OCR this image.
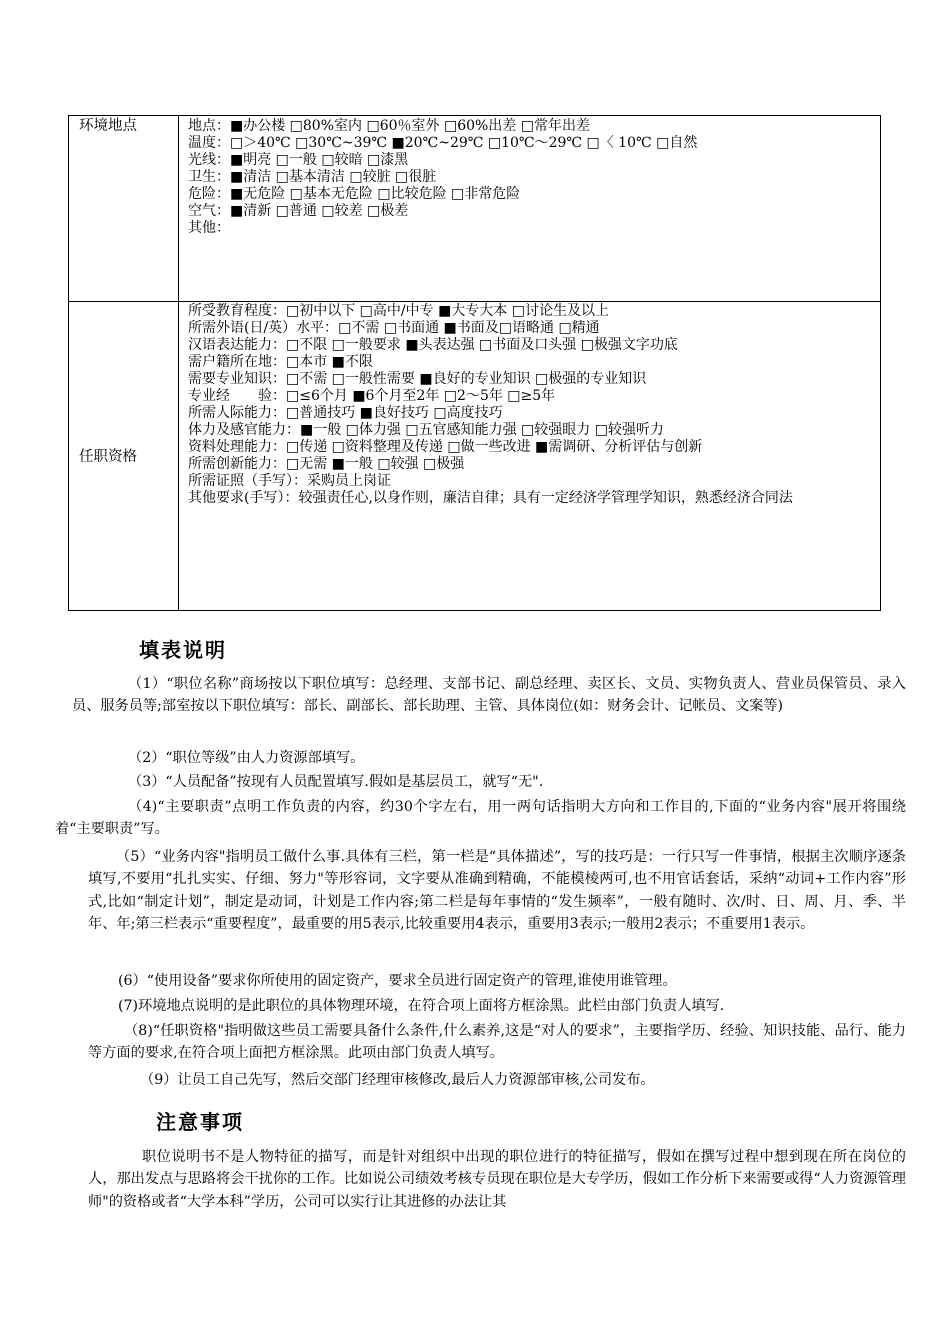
环境地点	地点：■办公楼 □80%室内 □60％室外 □60%出差 □常年出差
温度：□＞40℃ □30℃~39℃ ■20℃~29℃ □10℃～29℃ □〈 10℃ □自然
光线：■明亮 □一般 □较暗 □漆黑
卫生：■清洁 □基本清洁 □较脏 □很脏
危险：■无危险 □基本无危险 □比较危险 □非常危险
空气：■清新 □普通 □较差 □极差
其他：
任职资格
所受教育程度：□初中以下 □高中/中专 ■大专大本 □讨论生及以上
所需外语(日/英）水平：□不需 □书面通 ■书面及□语略通 □精通
汉语表达能力：□不限 □一般要求 ■头表达强 □书面及口头强 □极强文字功底
需户籍所在地：□本市 ■不限
需要专业知识：□不需 □一般性需要 ■良好的专业知识 □极强的专业知识
专业经　　验：□≤6个月 ■6个月至2年 □2～5年 □≥5年
所需人际能力：□普通技巧 ■良好技巧 □高度技巧
体力及感官能力：■一般 □体力强 □五官感知能力强 □较强眼力 □较强听力
资料处理能力：□传递 □资料整理及传递 □做一些改进 ■需调研、分析评估与创新
所需创新能力：□无需 ■一般 □较强 □极强
所需证照（手写）：采购员上岗证
其他要求(手写）：较强责任心,以身作则，廉洁自律；具有一定经济学管理学知识，熟悉经济合同法
填表说明
（1）“职位名称”商场按以下职位填写：总经理、支部书记、副总经理、卖区长、文员、实物负责人、营业员保管员、录入员、服务员等;部室按以下职位填写：部长、副部长、部长助理、主管、具体岗位(如：财务会计、记帐员、文案等)
（2）“职位等级”由人力资源部填写。
（3）“人员配备”按现有人员配置填写.假如是基层员工，就写“无".
（4)“主要职责”点明工作负责的内容，约30个字左右，用一两句话指明大方向和工作目的,下面的“业务内容"展开将围绕着“主要职责”写。
（5）“业务内容"指明员工做什么事.具体有三栏，第一栏是“具体描述”，写的技巧是：一行只写一件事情，根据主次顺序逐条填写,不要用“扎扎实实、仔细、努力"等形容词，文字要从准确到精确，不能模棱两可,也不用官话套话，采纳“动词+工作内容”形式,比如“制定计划”，制定是动词，计划是工作内容;第二栏是每年事情的“发生频率”，一般有随时、次/时、日、周、月、季、半年、年;第三栏表示“重要程度”，最重要的用5表示,比较重要用4表示，重要用3表示;一般用2表示；不重要用1表示。
(6）“使用设备”要求你所使用的固定资产，要求全员进行固定资产的管理,谁使用谁管理。
(7)环境地点说明的是此职位的具体物理环境，在符合项上面将方框涂黑。此栏由部门负责人填写.
（8)“任职资格"指明做这些员工需要具备什么条件,什么素养,这是“对人的要求”，主要指学历、经验、知识技能、品行、能力等方面的要求,在符合项上面把方框涂黑。此项由部门负责人填写。
（9）让员工自己先写，然后交部门经理审核修改,最后人力资源部审核,公司发布。
注意事项
职位说明书不是人物特征的描写，而是针对组织中出现的职位进行的特征描写，假如在撰写过程中想到现在所在岗位的人，那出发点与思路将会干扰你的工作。比如说公司绩效考核专员现在职位是大专学历，假如工作分析下来需要或得“人力资源管理师"的资格或者“大学本科”学历，公司可以实行让其进修的办法让其
